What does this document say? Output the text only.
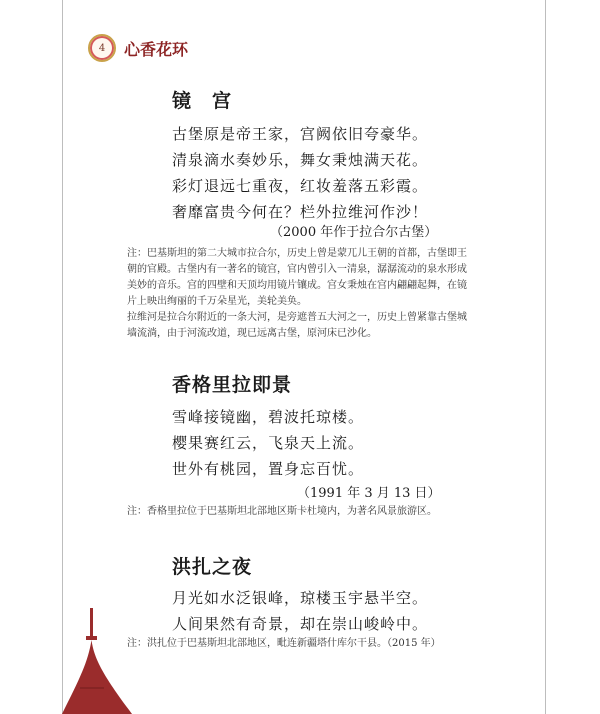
4 心香花环
镜　宫
古堡原是帝王家，宫阙依旧夸豪华。
清泉滴水奏妙乐，舞女秉烛满天花。
彩灯退远七重夜，红妆羞落五彩霞。
奢靡富贵今何在？栏外拉维河作沙！
（2000 年作于拉合尔古堡）

注：巴基斯坦的第二大城市拉合尔，历史上曾是蒙兀儿王朝的首都，古堡即王朝的官殿。古堡内有一著名的镜宫，官内曾引入一清泉，潺潺流动的泉水形成美妙的音乐。宫的四壁和天顶均用镜片镶成。宫女秉烛在宫内翩翩起舞，在镜片上映出绚丽的千万朵星光，美轮美奂。

拉维河是拉合尔附近的一条大河，是旁遮普五大河之一，历史上曾紧靠古堡城墙流淌，由于河流改道，现已远离古堡，原河床已沙化。

香格里拉即景
雪峰接镜幽，碧波托琼楼。
樱果赛红云，飞泉天上流。
世外有桃园，置身忘百忧。
（1991 年 3 月 13 日）

注：香格里拉位于巴基斯坦北部地区斯卡杜境内，为著名风景旅游区。

洪扎之夜
月光如水泛银峰，琼楼玉宇悬半空。
人间果然有奇景，却在崇山峻岭中。

注：洪扎位于巴基斯坦北部地区，毗连新疆塔什库尔干县。（2015 年）
